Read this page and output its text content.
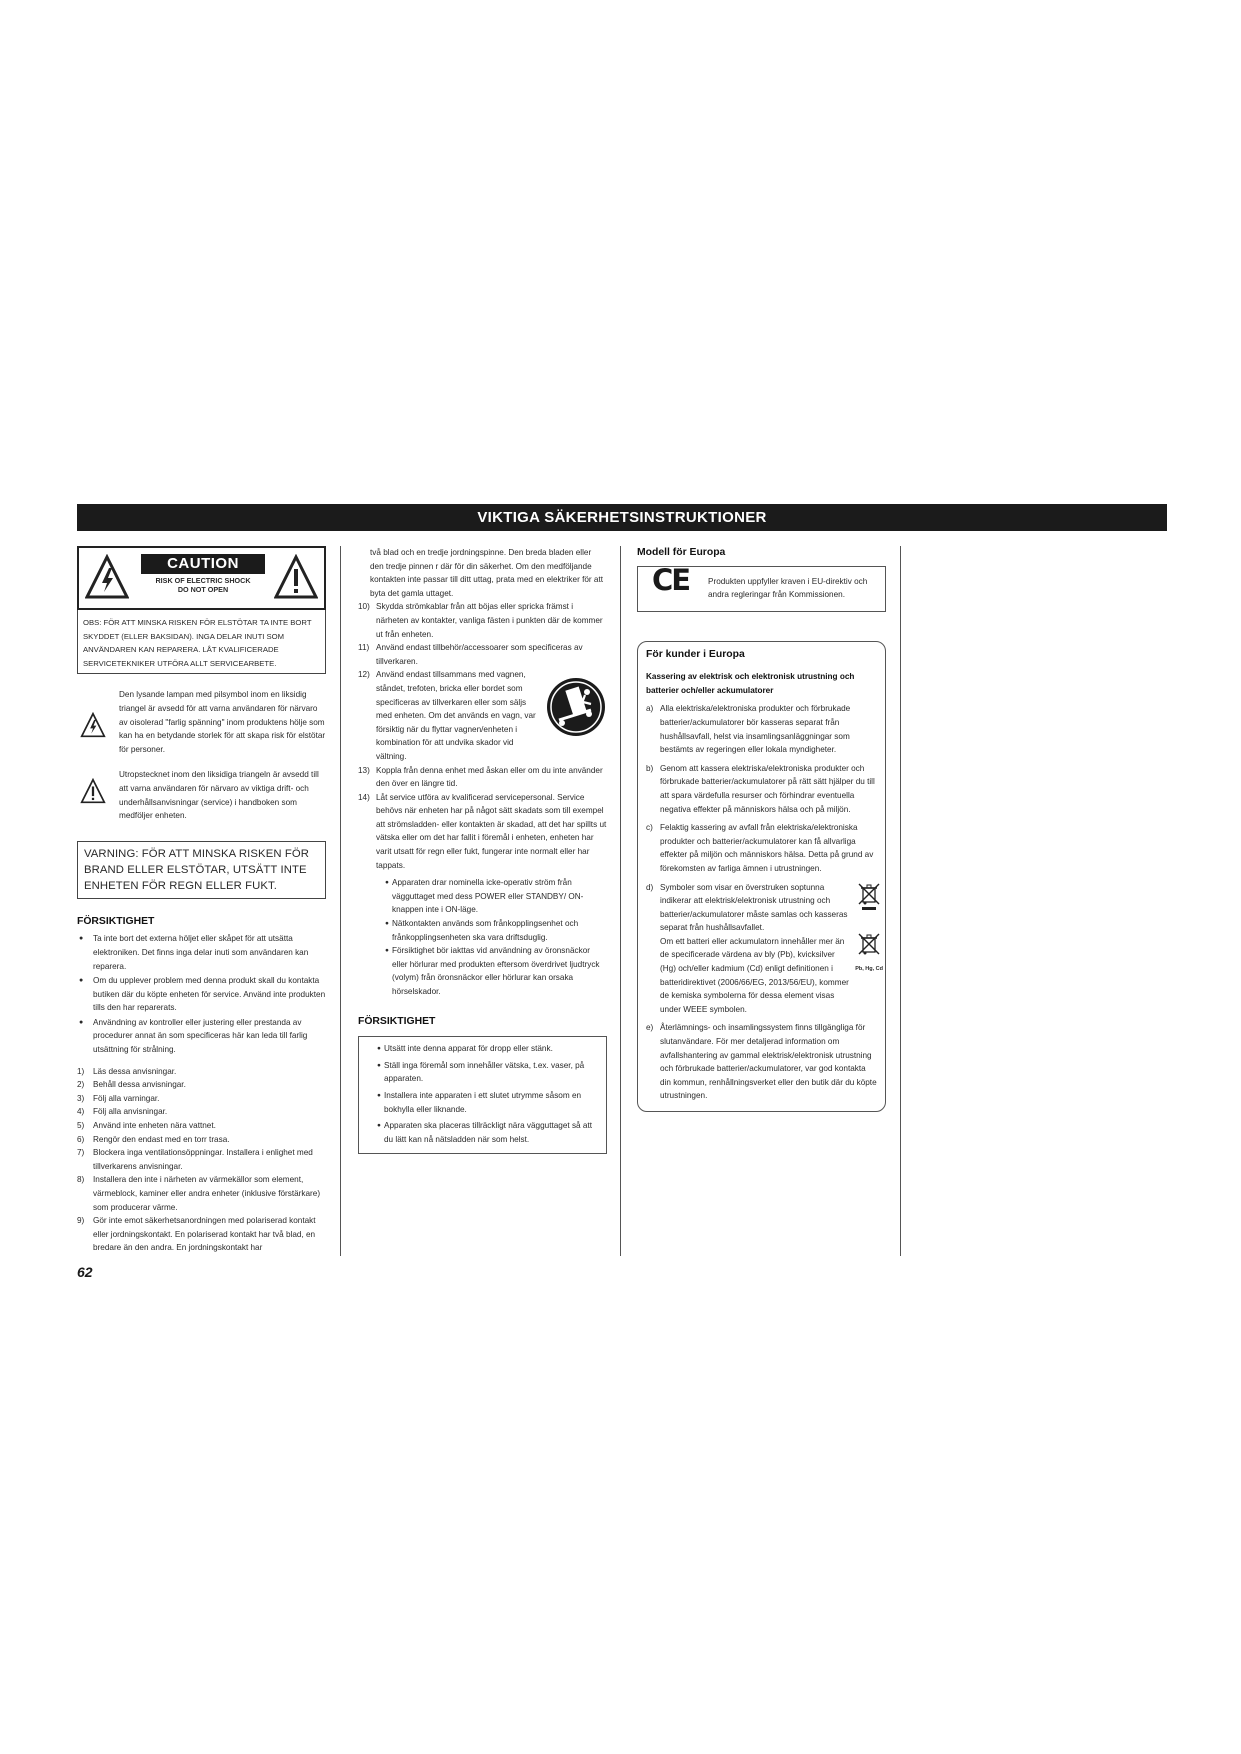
VIKTIGA SÄKERHETSINSTRUKTIONER
CAUTION
RISK OF ELECTRIC SHOCK
DO NOT OPEN
OBS: FÖR ATT MINSKA RISKEN FÖR ELSTÖTAR TA INTE BORT SKYDDET (ELLER BAKSIDAN). INGA DELAR INUTI SOM ANVÄNDAREN KAN REPARERA. LÅT KVALIFICERADE SERVICETEKNIKER UTFÖRA ALLT SERVICEARBETE.

Den lysande lampan med pilsymbol inom en liksidig triangel är avsedd för att varna användaren för närvaro av oisolerad "farlig spänning" inom produktens hölje som kan ha en betydande storlek för att skapa risk för elstötar för personer.

Utropstecknet inom den liksidiga triangeln är avsedd till att varna användaren för närvaro av viktiga drift- och underhållsanvisningar (service) i handboken som medföljer enheten.

VARNING: FÖR ATT MINSKA RISKEN FÖR BRAND ELLER ELSTÖTAR, UTSÄTT INTE ENHETEN FÖR REGN ELLER FUKT.
FÖRSIKTIGHET
● Ta inte bort det externa höljet eller skåpet för att utsätta elektroniken. Det finns inga delar inuti som användaren kan reparera.
● Om du upplever problem med denna produkt skall du kontakta butiken där du köpte enheten för service. Använd inte produkten tills den har reparerats.
● Användning av kontroller eller justering eller prestanda av procedurer annat än som specificeras här kan leda till farlig utsättning för strålning.
1) Läs dessa anvisningar.
2) Behåll dessa anvisningar.
3) Följ alla varningar.
4) Följ alla anvisningar.
5) Använd inte enheten nära vattnet.
6) Rengör den endast med en torr trasa.
7) Blockera inga ventilationsöppningar. Installera i enlighet med tillverkarens anvisningar.
8) Installera den inte i närheten av värmekällor som element, värmeblock, kaminer eller andra enheter (inklusive förstärkare) som producerar värme.
9) Gör inte emot säkerhetsanordningen med polariserad kontakt eller jordningskontakt. En polariserad kontakt har två blad, en bredare än den andra. En jordningskontakt har

två blad och en tredje jordningspinne. Den breda bladen eller den tredje pinnen r där för din säkerhet. Om den medföljande kontakten inte passar till ditt uttag, prata med en elektriker för att byta det gamla uttaget.

10) Skydda strömkablar från att böjas eller spricka främst i närheten av kontakter, vanliga fästen i punkten där de kommer ut från enheten.
11) Använd endast tillbehör/accessoarer som specificeras av tillverkaren.
12) Använd endast tillsammans med vagnen, ståndet, trefoten, bricka eller bordet som specificeras av tillverkaren eller som säljs med enheten. Om det används en vagn, var försiktig när du flyttar vagnen/enheten i kombination för att undvika skador vid vältning.
13) Koppla från denna enhet med åskan eller om du inte använder den över en längre tid.
14) Låt service utföra av kvalificerad servicepersonal. Service behövs när enheten har på något sätt skadats som till exempel att strömsladden- eller kontakten är skadad, att det har spillts ut vätska eller om det har fallit i föremål i enheten, enheten har varit utsatt för regn eller fukt, fungerar inte normalt eller har tappats.
● Apparaten drar nominella icke-operativ ström från vägguttaget med dess POWER eller STANDBY/ ON-knappen inte i ON-läge.
● Nätkontakten används som frånkopplingsenhet och frånkopplingsenheten ska vara driftsduglig.
● Försiktighet bör iakttas vid användning av öronsnäckor eller hörlurar med produkten eftersom överdrivet ljudtryck (volym) från öronsnäckor eller hörlurar kan orsaka hörselskador.
FÖRSIKTIGHET
● Utsätt inte denna apparat för dropp eller stänk.
● Ställ inga föremål som innehåller vätska, t.ex. vaser, på apparaten.
● Installera inte apparaten i ett slutet utrymme såsom en bokhylla eller liknande.
● Apparaten ska placeras tillräckligt nära vägguttaget så att du lätt kan nå nätsladden när som helst.
Modell för Europa
CE Produkten uppfyller kraven i EU-direktiv och andra regleringar från Kommissionen.
För kunder i Europa
Kassering av elektrisk och elektronisk utrustning och batterier och/eller ackumulatorer
a) Alla elektriska/elektroniska produkter och förbrukade batterier/ackumulatorer bör kasseras separat från hushållsavfall, helst via insamlingsanläggningar som bestämts av regeringen eller lokala myndigheter.
b) Genom att kassera elektriska/elektroniska produkter och förbrukade batterier/ackumulatorer på rätt sätt hjälper du till att spara värdefulla resurser och förhindrar eventuella negativa effekter på människors hälsa och på miljön.
c) Felaktig kassering av avfall från elektriska/elektroniska produkter och batterier/ackumulatorer kan få allvarliga effekter på miljön och människors hälsa. Detta på grund av förekomsten av farliga ämnen i utrustningen.
d) Symboler som visar en överstruken soptunna indikerar att elektrisk/elektronisk utrustning och batterier/ackumulatorer måste samlas och kasseras separat från hushållsavfallet.
Om ett batteri eller ackumulatorn innehåller mer än de specificerade värdena av bly (Pb), kvicksilver (Hg) och/eller kadmium (Cd) enligt definitionen i batteridirektivet (2006/66/EG, 2013/56/EU), kommer de kemiska symbolerna för dessa element visas under WEEE symbolen.
Pb, Hg, Cd
e) Återlämnings- och insamlingssystem finns tillgängliga för slutanvändare. För mer detaljerad information om avfallshantering av gammal elektrisk/elektronisk utrustning och förbrukade batterier/ackumulatorer, var god kontakta din kommun, renhållningsverket eller den butik där du köpte utrustningen.
62
